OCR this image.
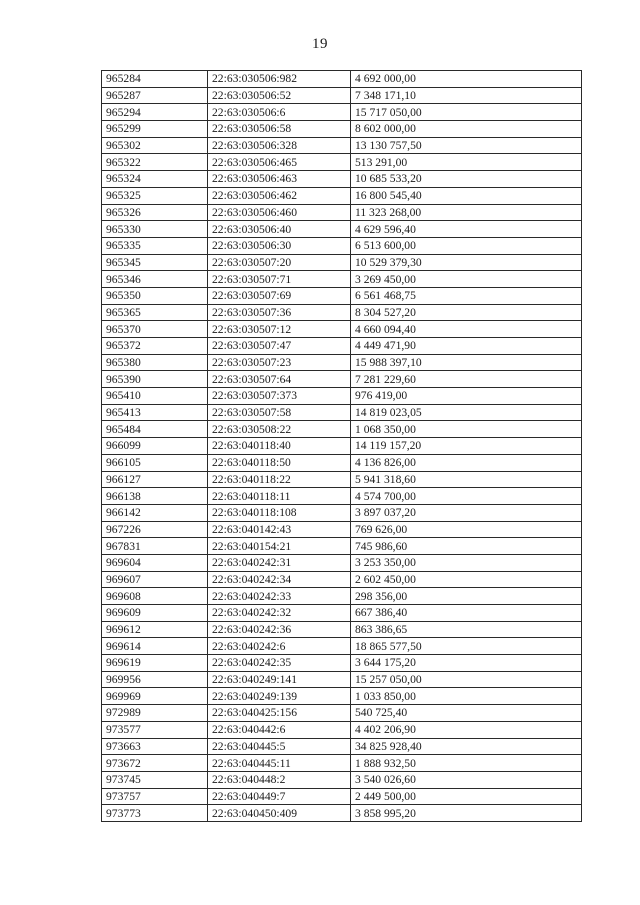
19
965284	22:63:030506:982	4 692 000,00
965287	22:63:030506:52	7 348 171,10
965294	22:63:030506:6	15 717 050,00
965299	22:63:030506:58	8 602 000,00
965302	22:63:030506:328	13 130 757,50
965322	22:63:030506:465	513 291,00
965324	22:63:030506:463	10 685 533,20
965325	22:63:030506:462	16 800 545,40
965326	22:63:030506:460	11 323 268,00
965330	22:63:030506:40	4 629 596,40
965335	22:63:030506:30	6 513 600,00
965345	22:63:030507:20	10 529 379,30
965346	22:63:030507:71	3 269 450,00
965350	22:63:030507:69	6 561 468,75
965365	22:63:030507:36	8 304 527,20
965370	22:63:030507:12	4 660 094,40
965372	22:63:030507:47	4 449 471,90
965380	22:63:030507:23	15 988 397,10
965390	22:63:030507:64	7 281 229,60
965410	22:63:030507:373	976 419,00
965413	22:63:030507:58	14 819 023,05
965484	22:63:030508:22	1 068 350,00
966099	22:63:040118:40	14 119 157,20
966105	22:63:040118:50	4 136 826,00
966127	22:63:040118:22	5 941 318,60
966138	22:63:040118:11	4 574 700,00
966142	22:63:040118:108	3 897 037,20
967226	22:63:040142:43	769 626,00
967831	22:63:040154:21	745 986,60
969604	22:63:040242:31	3 253 350,00
969607	22:63:040242:34	2 602 450,00
969608	22:63:040242:33	298 356,00
969609	22:63:040242:32	667 386,40
969612	22:63:040242:36	863 386,65
969614	22:63:040242:6	18 865 577,50
969619	22:63:040242:35	3 644 175,20
969956	22:63:040249:141	15 257 050,00
969969	22:63:040249:139	1 033 850,00
972989	22:63:040425:156	540 725,40
973577	22:63:040442:6	4 402 206,90
973663	22:63:040445:5	34 825 928,40
973672	22:63:040445:11	1 888 932,50
973745	22:63:040448:2	3 540 026,60
973757	22:63:040449:7	2 449 500,00
973773	22:63:040450:409	3 858 995,20
